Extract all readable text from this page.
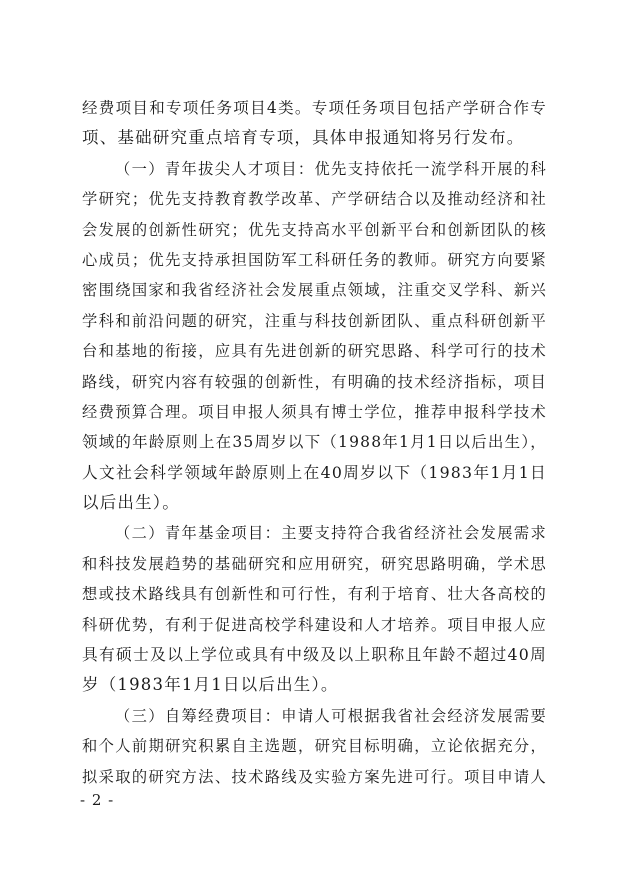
经费项目和专项任务项目4类。专项任务项目包括产学研合作专
项、基础研究重点培育专项，具体申报通知将另行发布。
（一）青年拔尖人才项目：优先支持依托一流学科开展的科
学研究；优先支持教育教学改革、产学研结合以及推动经济和社
会发展的创新性研究；优先支持高水平创新平台和创新团队的核
心成员；优先支持承担国防军工科研任务的教师。研究方向要紧
密围绕国家和我省经济社会发展重点领域，注重交叉学科、新兴
学科和前沿问题的研究，注重与科技创新团队、重点科研创新平
台和基地的衔接，应具有先进创新的研究思路、科学可行的技术
路线，研究内容有较强的创新性，有明确的技术经济指标，项目
经费预算合理。项目申报人须具有博士学位，推荐申报科学技术
领域的年龄原则上在35周岁以下（1988年1月1日以后出生），
人文社会科学领域年龄原则上在40周岁以下（1983年1月1日
以后出生）。
（二）青年基金项目：主要支持符合我省经济社会发展需求
和科技发展趋势的基础研究和应用研究，研究思路明确，学术思
想或技术路线具有创新性和可行性，有利于培育、壮大各高校的
科研优势，有利于促进高校学科建设和人才培养。项目申报人应
具有硕士及以上学位或具有中级及以上职称且年龄不超过40周
岁（1983年1月1日以后出生）。
（三）自筹经费项目：申请人可根据我省社会经济发展需要
和个人前期研究积累自主选题，研究目标明确，立论依据充分，
拟采取的研究方法、技术路线及实验方案先进可行。项目申请人
- 2 -
